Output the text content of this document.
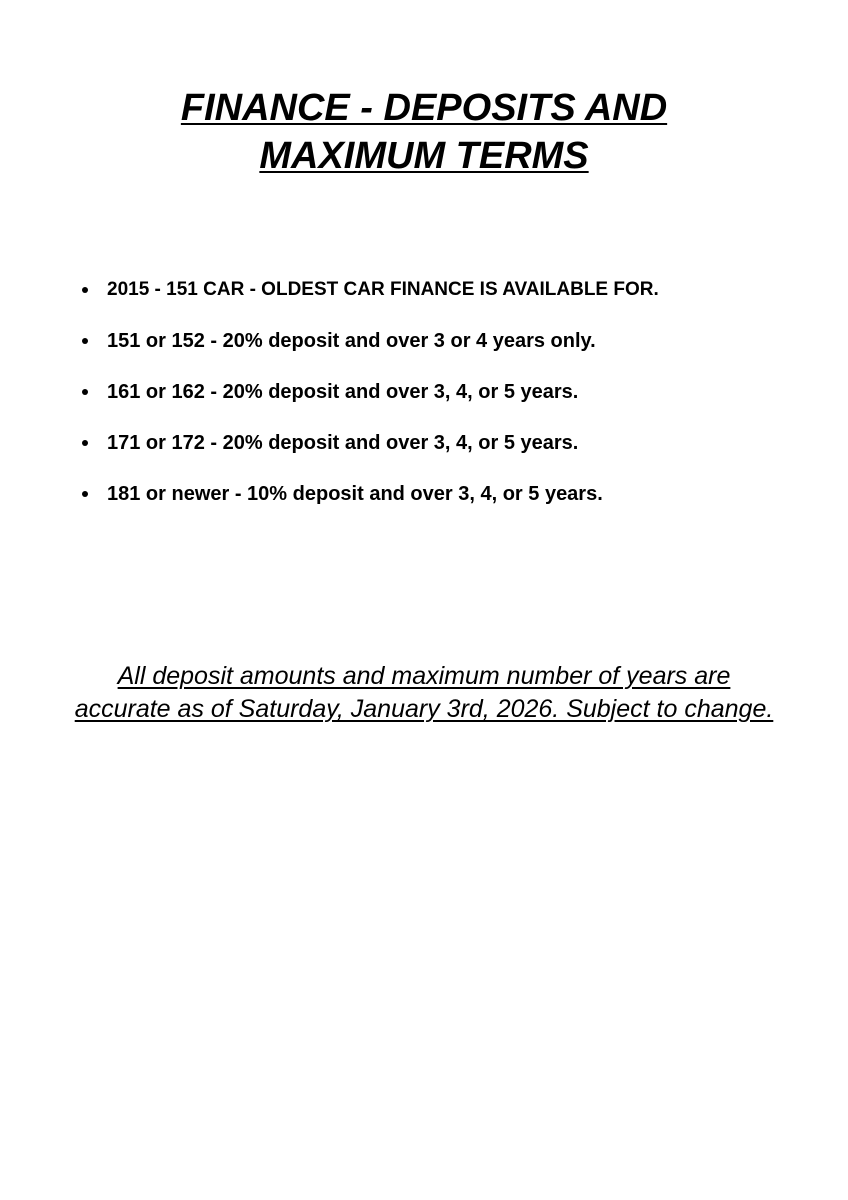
FINANCE - DEPOSITS AND
MAXIMUM TERMS
2015 - 151 CAR - OLDEST CAR FINANCE IS AVAILABLE FOR.
151 or 152 - 20% deposit and over 3 or 4 years only.
161 or 162 - 20% deposit and over 3, 4, or 5 years.
171 or 172 - 20% deposit and over 3, 4, or 5 years.
181 or newer - 10% deposit and over 3, 4, or 5 years.

All deposit amounts and maximum number of years are accurate as of Saturday, January 3rd, 2026. Subject to change.
